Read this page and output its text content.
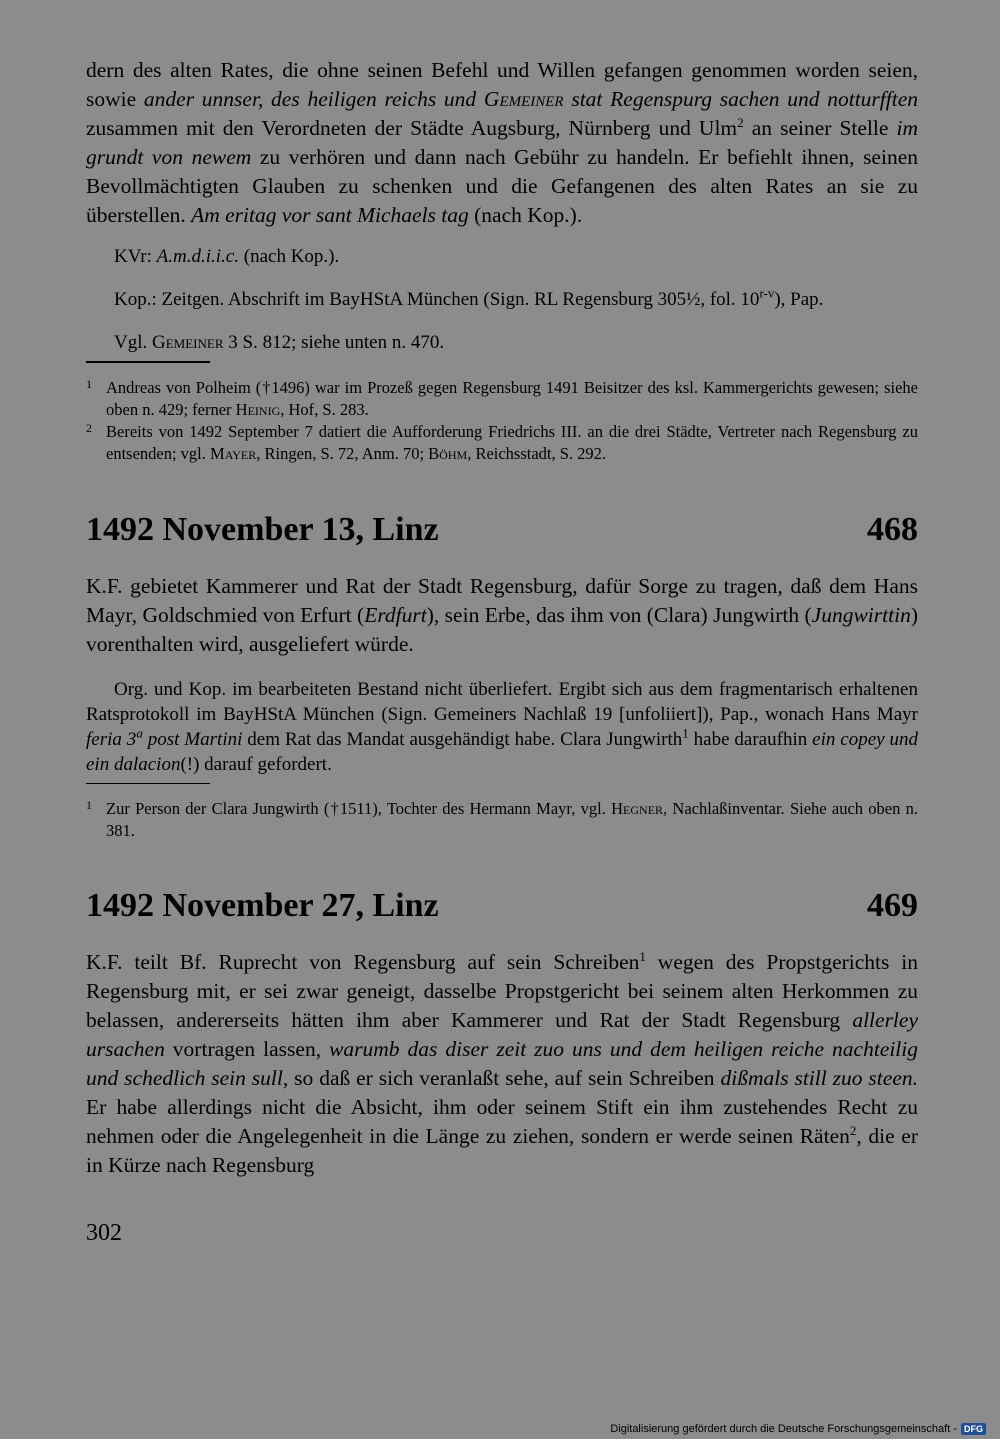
dern des alten Rates, die ohne seinen Befehl und Willen gefangen genommen worden seien, sowie ander unnser, des heiligen reichs und Gemeiner stat Regenspurg sachen und notturfften zusammen mit den Verordneten der Städte Augsburg, Nürnberg und Ulm$^2$ an seiner Stelle im grundt von newem zu verhören und dann nach Gebühr zu handeln. Er befiehlt ihnen, seinen Bevollmächtigten Glauben zu schenken und die Gefangenen des alten Rates an sie zu überstellen. Am eritag vor sant Michaels tag (nach Kop.).

KVr: A.m.d.i.i.c. (nach Kop.).

Kop.: Zeitgen. Abschrift im BayHStA München (Sign. RL Regensburg 305½, fol. 10$^{r-v}$), Pap.

Vgl. Gemeiner 3 S. 812; siehe unten n. 470.

1 Andreas von Polheim (†1496) war im Prozeß gegen Regensburg 1491 Beisitzer des ksl. Kammergerichts gewesen; siehe oben n. 429; ferner Heinig, Hof, S. 283.

2 Bereits von 1492 September 7 datiert die Aufforderung Friedrichs III. an die drei Städte, Vertreter nach Regensburg zu entsenden; vgl. Mayer, Ringen, S. 72, Anm. 70; Böhm, Reichsstadt, S. 292.

1492 November 13, Linz	468

K.F. gebietet Kammerer und Rat der Stadt Regensburg, dafür Sorge zu tragen, daß dem Hans Mayr, Goldschmied von Erfurt (Erdfurt), sein Erbe, das ihm von (Clara) Jungwirth (Jungwirttin) vorenthalten wird, ausgeliefert würde.

Org. und Kop. im bearbeiteten Bestand nicht überliefert. Ergibt sich aus dem fragmentarisch erhaltenen Ratsprotokoll im BayHStA München (Sign. Gemeiners Nachlaß 19 [unfoliiert]), Pap., wonach Hans Mayr feria 3$^a$ post Martini dem Rat das Mandat ausgehändigt habe. Clara Jungwirth$^1$ habe daraufhin ein copey und ein dalacion(!) darauf gefordert.

1 Zur Person der Clara Jungwirth (†1511), Tochter des Hermann Mayr, vgl. Hegner, Nachlaßinventar. Siehe auch oben n. 381.

1492 November 27, Linz	469

K.F. teilt Bf. Ruprecht von Regensburg auf sein Schreiben$^1$ wegen des Propstgerichts in Regensburg mit, er sei zwar geneigt, dasselbe Propstgericht bei seinem alten Herkommen zu belassen, andererseits hätten ihm aber Kammerer und Rat der Stadt Regensburg allerley ursachen vortragen lassen, warumb das diser zeit zuo uns und dem heiligen reiche nachteilig und schedlich sein sull, so daß er sich veranlaßt sehe, auf sein Schreiben dißmals still zuo steen. Er habe allerdings nicht die Absicht, ihm oder seinem Stift ein ihm zustehendes Recht zu nehmen oder die Angelegenheit in die Länge zu ziehen, sondern er werde seinen Räten$^2$, die er in Kürze nach Regensburg

302
Digitalisierung gefördert durch die Deutsche Forschungsgemeinschaft - DFG
